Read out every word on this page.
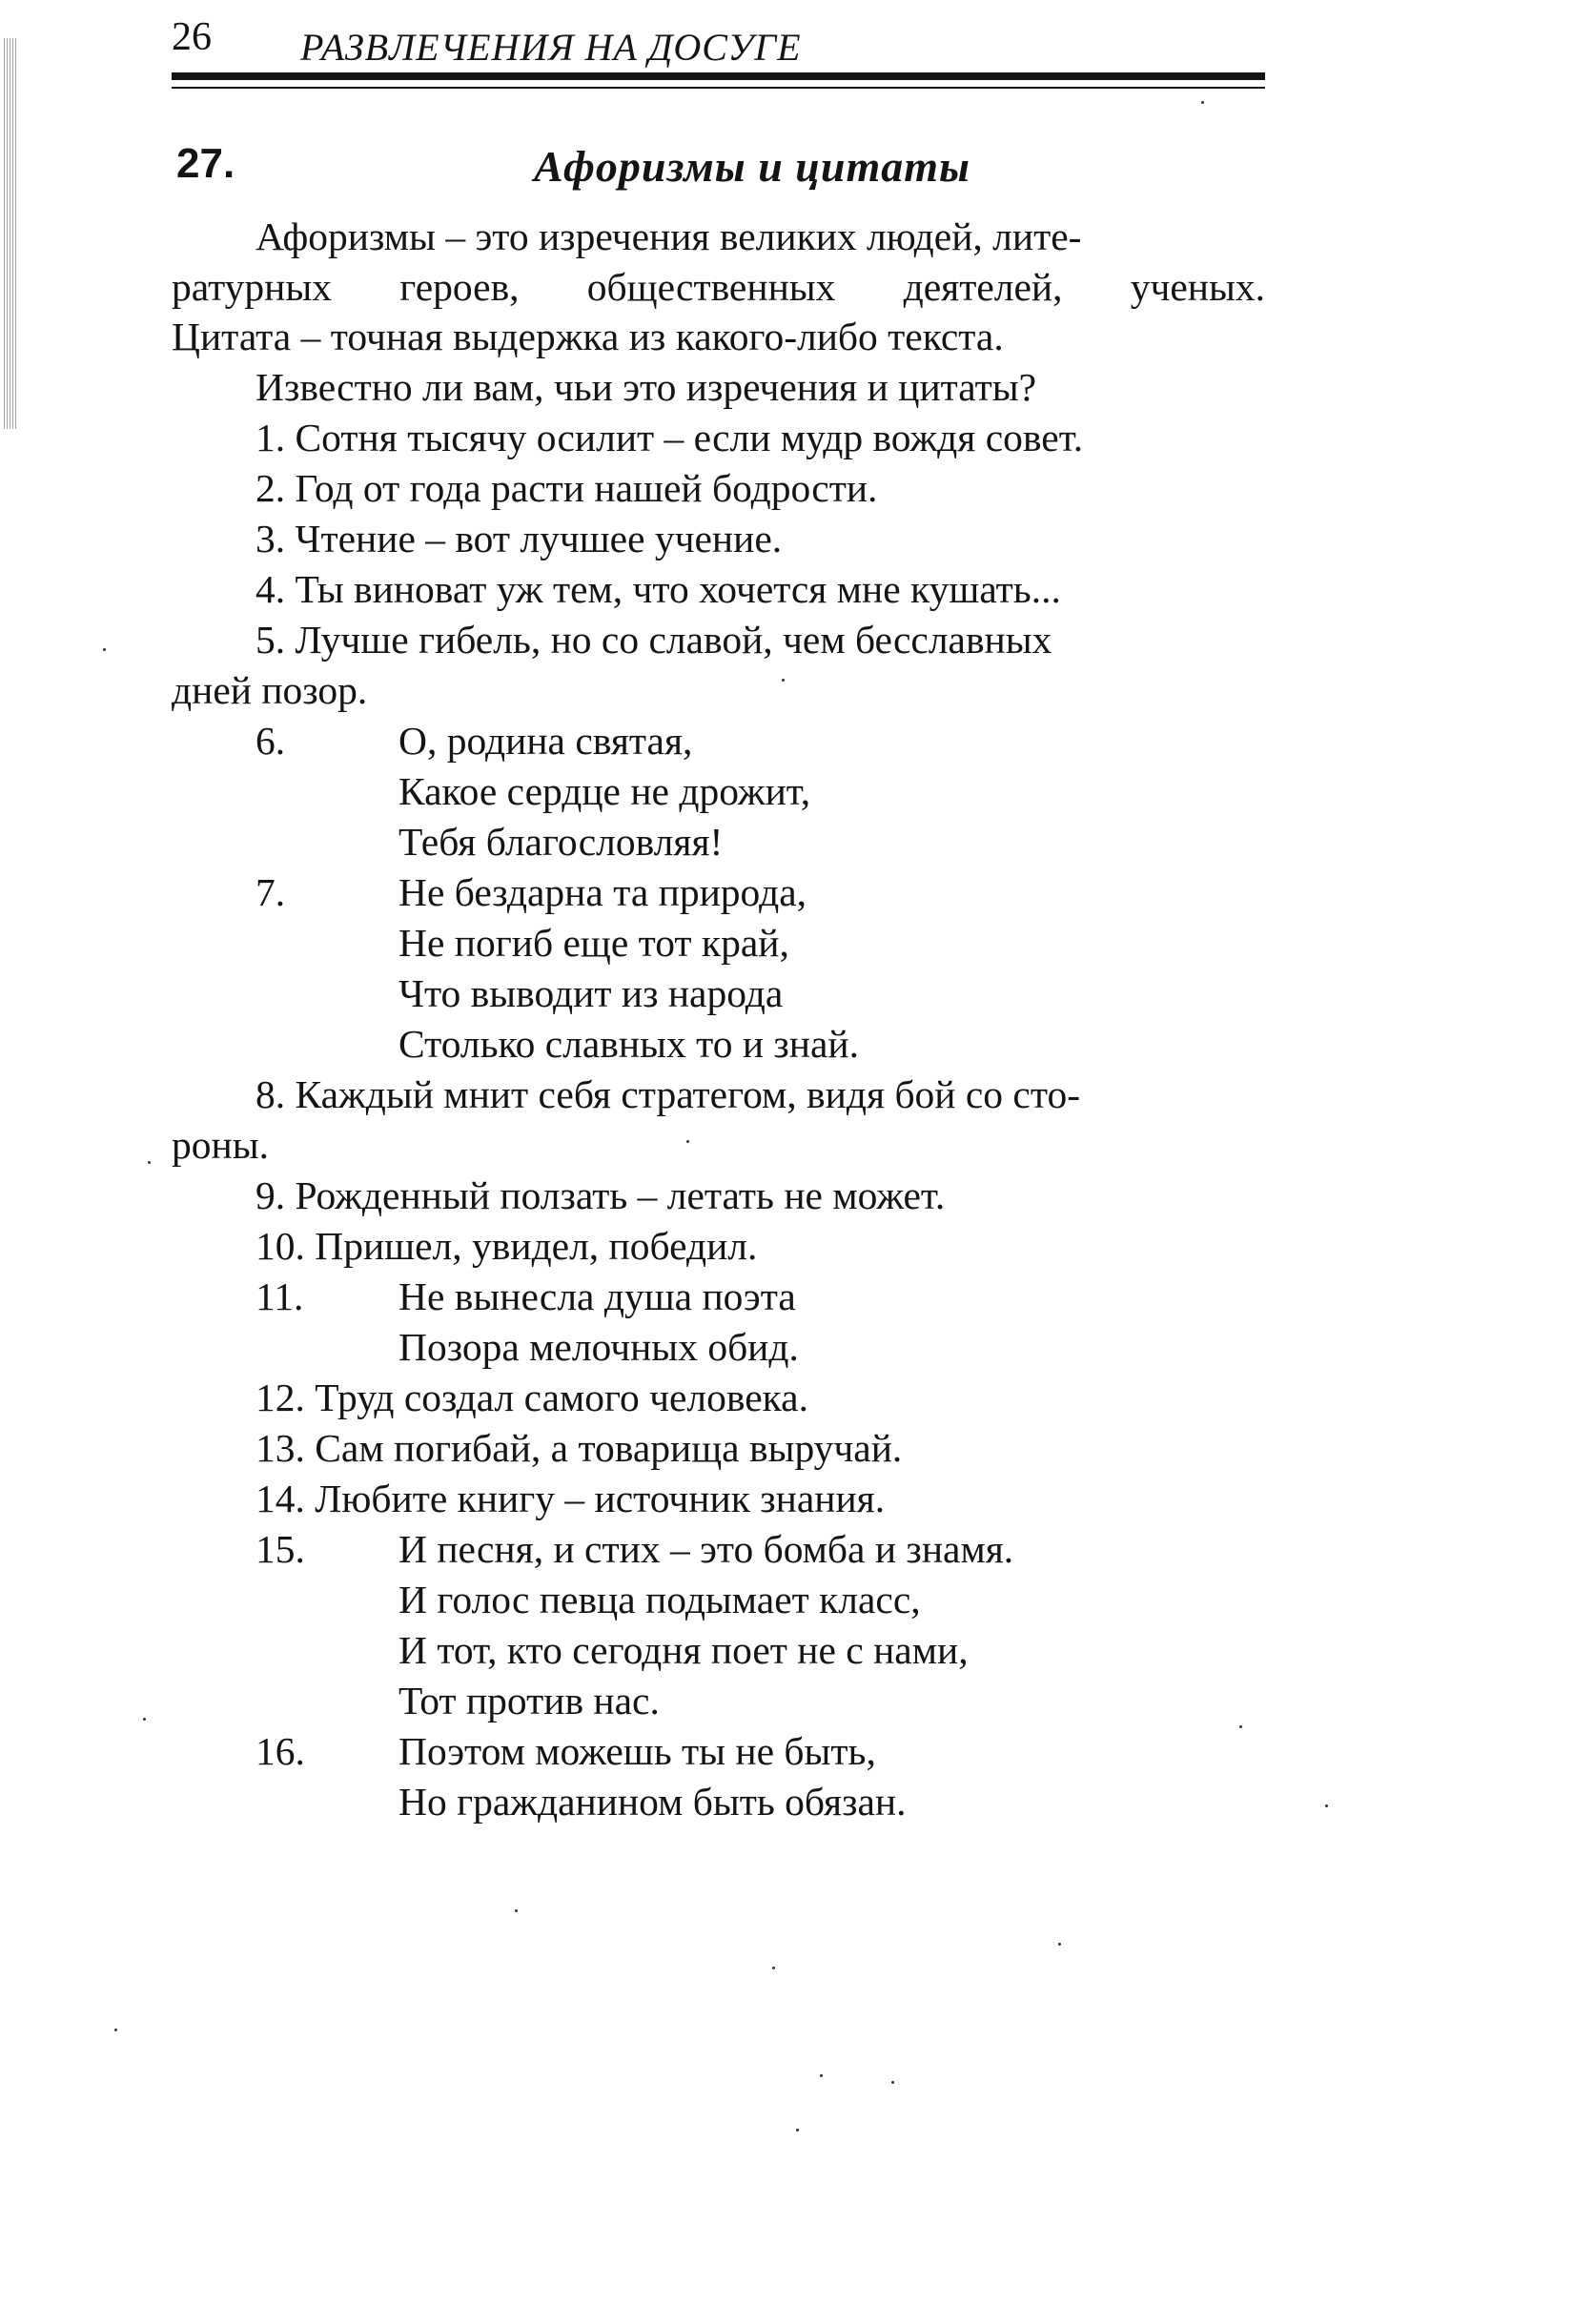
26 РАЗВЛЕЧЕНИЯ НА ДОСУГЕ
27.	Афоризмы и цитаты
Афоризмы – это изречения великих людей, лите-
ратурных героев, общественных деятелей, ученых.
Цитата – точная выдержка из какого-либо текста.
Известно ли вам, чьи это изречения и цитаты?
1. Сотня тысячу осилит – если мудр вождя совет.
2. Год от года расти нашей бодрости.
3. Чтение – вот лучшее учение.
4. Ты виноват уж тем, что хочется мне кушать...
5. Лучше гибель, но со славой, чем бесславных
дней позор.
6.	О, родина святая,
Какое сердце не дрожит,
Тебя благословляя!
7.	Не бездарна та природа,
Не погиб еще тот край,
Что выводит из народа
Столько славных то и знай.
8. Каждый мнит себя стратегом, видя бой со сто-
роны.
9. Рожденный ползать – летать не может.
10. Пришел, увидел, победил.
11. Не вынесла душа поэта
Позора мелочных обид.
12. Труд создал самого человека.
13. Сам погибай, а товарища выручай.
14. Любите книгу – источник знания.
15. И песня, и стих – это бомба и знамя.
И голос певца подымает класс,
И тот, кто сегодня поет не с нами,
Тот против нас.
16. Поэтом можешь ты не быть,
Но гражданином быть обязан.
